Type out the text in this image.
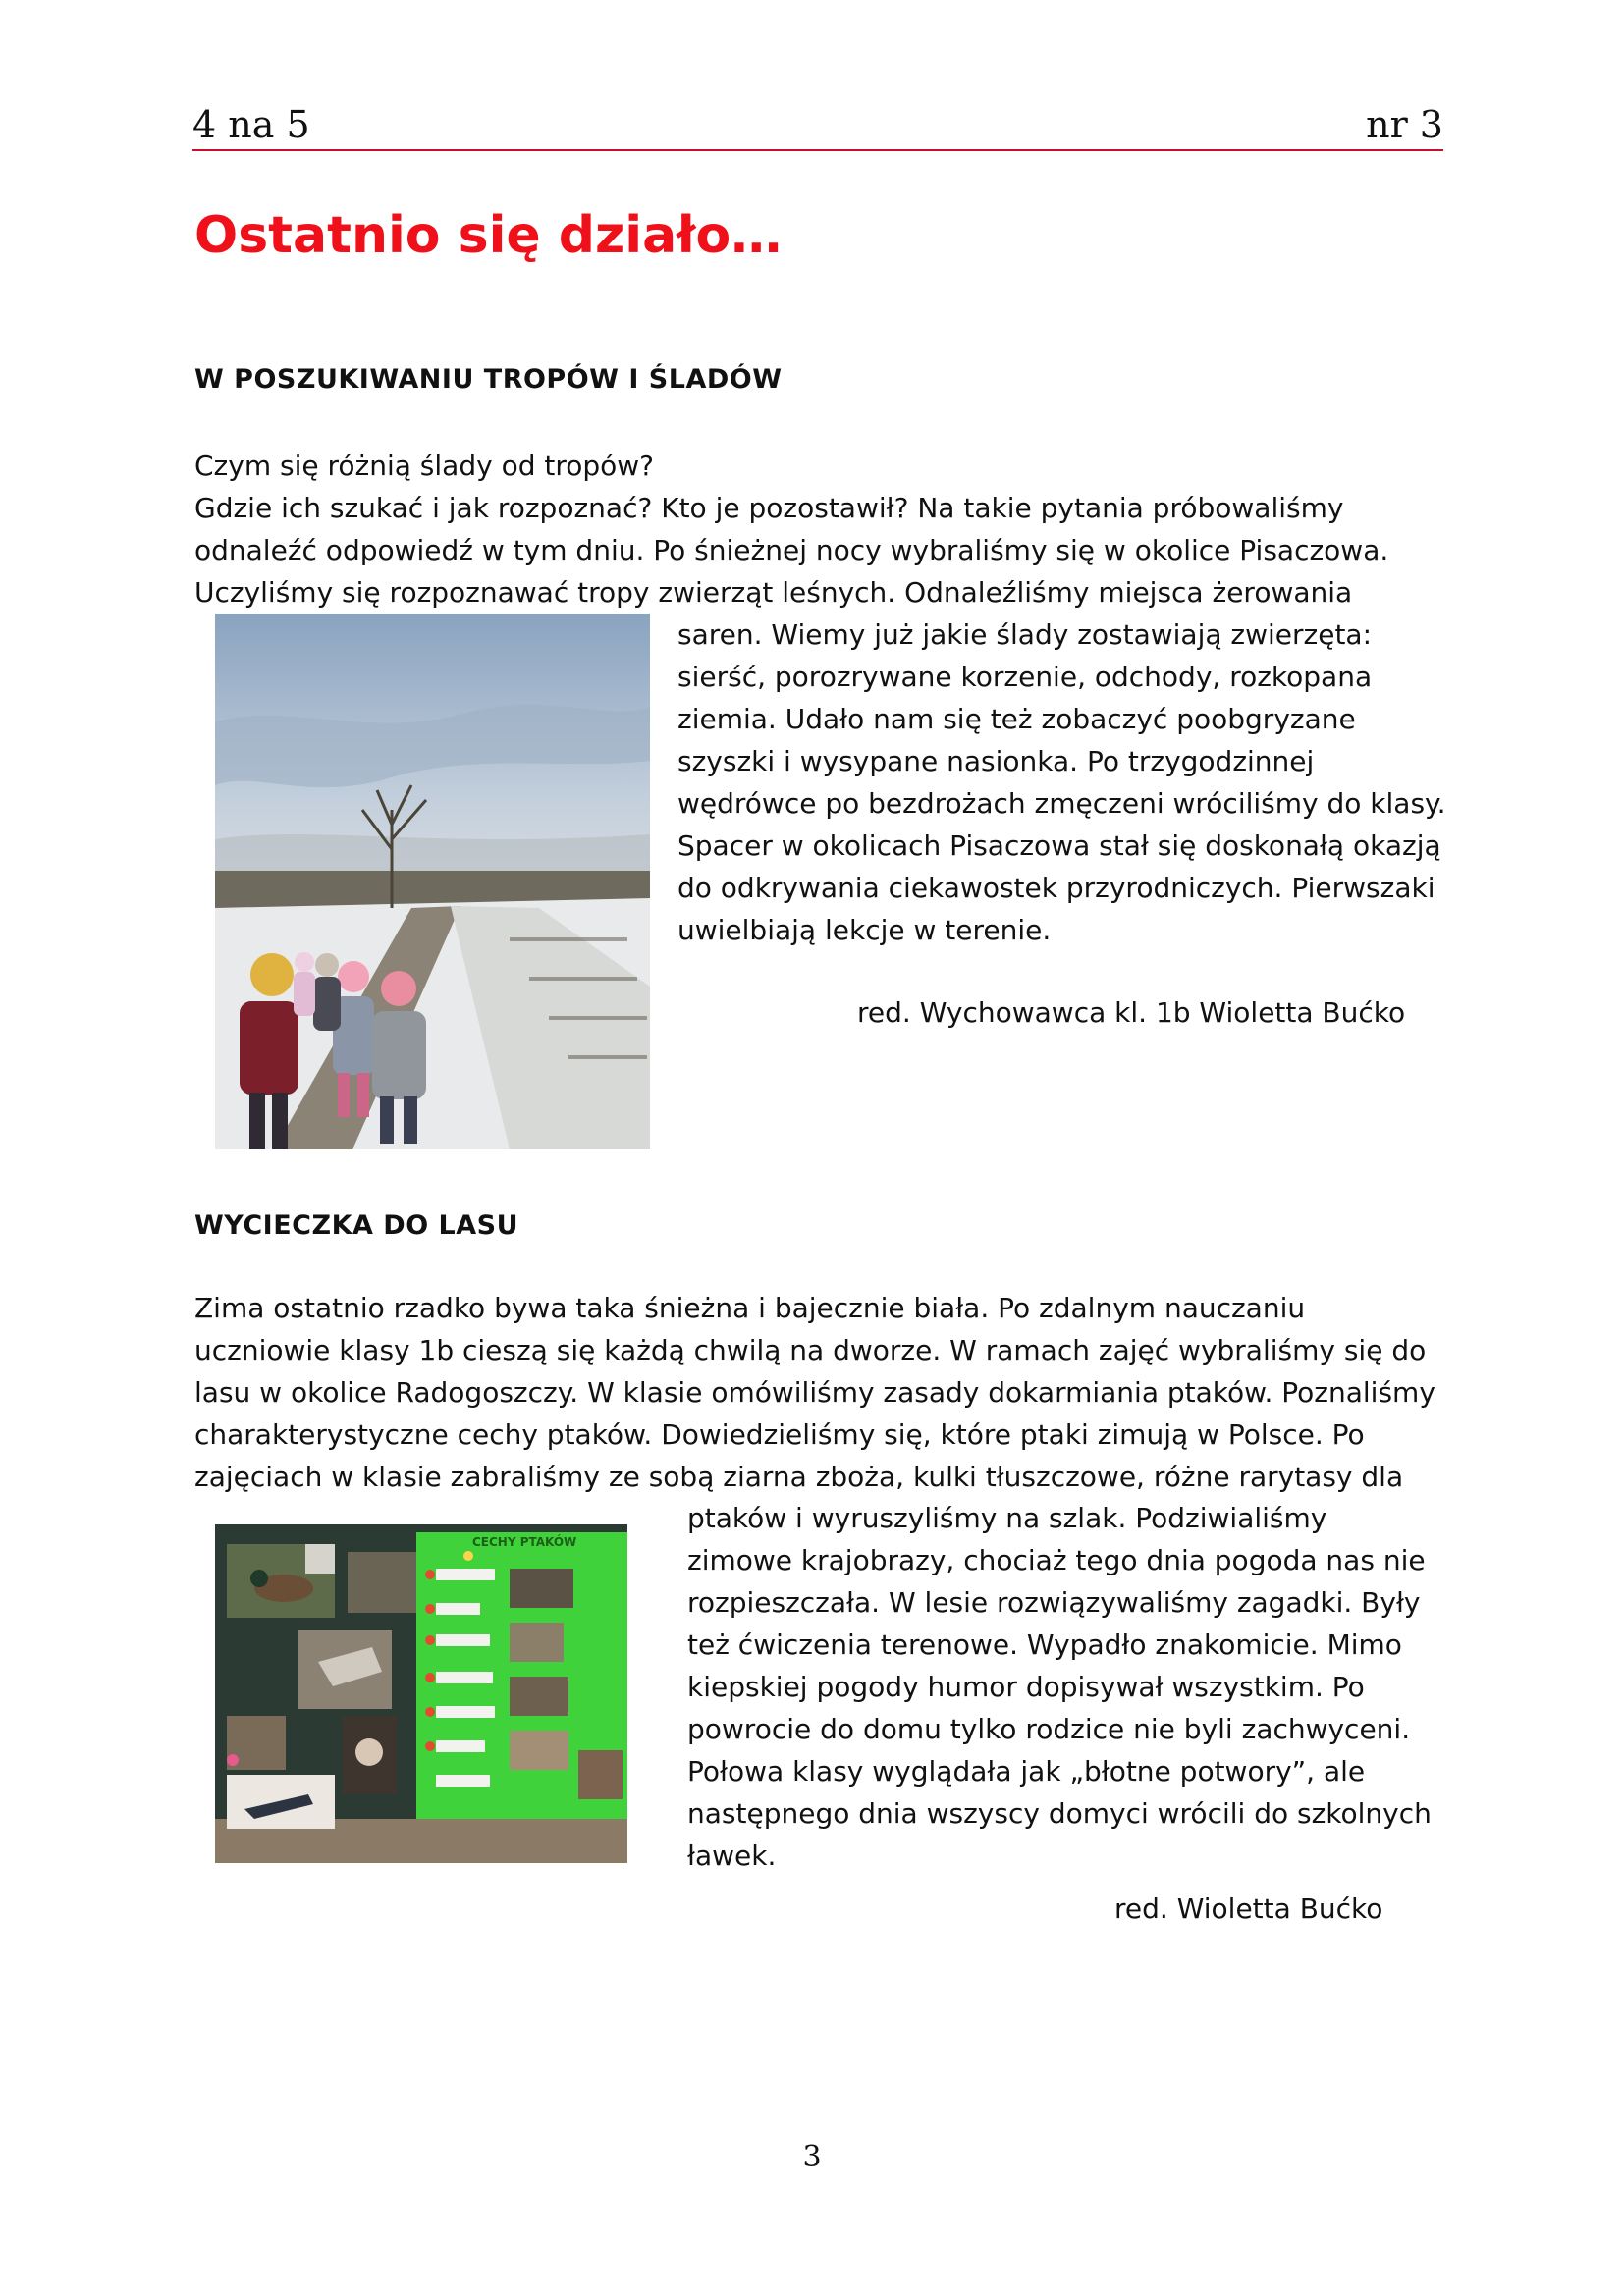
4 na 5	nr 3
Ostatnio się działo…
W POSZUKIWANIU TROPÓW I ŚLADÓW

Czym się różnią ślady od tropów?

Gdzie ich szukać i jak rozpoznać? Kto je pozostawił? Na takie pytania próbowaliśmy

odnaleźć odpowiedź w tym dniu. Po śnieżnej nocy wybraliśmy się w okolice Pisaczowa.

Uczyliśmy się rozpoznawać tropy zwierząt leśnych. Odnaleźliśmy miejsca żerowania

saren. Wiemy już jakie ślady zostawiają zwierzęta:

sierść, porozrywane korzenie, odchody, rozkopana

ziemia. Udało nam się też zobaczyć poobgryzane

szyszki i wysypane nasionka. Po trzygodzinnej

wędrówce po bezdrożach zmęczeni wróciliśmy do klasy.

Spacer w okolicach Pisaczowa stał się doskonałą okazją

do odkrywania ciekawostek przyrodniczych. Pierwszaki

uwielbiają lekcje w terenie.

red. Wychowawca kl. 1b Wioletta Bućko

WYCIECZKA DO LASU

Zima ostatnio rzadko bywa taka śnieżna i bajecznie biała. Po zdalnym nauczaniu

uczniowie klasy 1b cieszą się każdą chwilą na dworze. W ramach zajęć wybraliśmy się do

lasu w okolice Radogoszczy. W klasie omówiliśmy zasady dokarmiania ptaków. Poznaliśmy

charakterystyczne cechy ptaków. Dowiedzieliśmy się, które ptaki zimują w Polsce. Po

zajęciach w klasie zabraliśmy ze sobą ziarna zboża, kulki tłuszczowe, różne rarytasy dla

CECHY PTAKÓW

ptaków i wyruszyliśmy na szlak. Podziwialiśmy

zimowe krajobrazy, chociaż tego dnia pogoda nas nie

rozpieszczała. W lesie rozwiązywaliśmy zagadki. Były

też ćwiczenia terenowe. Wypadło znakomicie. Mimo

kiepskiej pogody humor dopisywał wszystkim. Po

powrocie do domu tylko rodzice nie byli zachwyceni.

Połowa klasy wyglądała jak „błotne potwory”, ale

następnego dnia wszyscy domyci wrócili do szkolnych

ławek.

red. Wioletta Bućko

3
